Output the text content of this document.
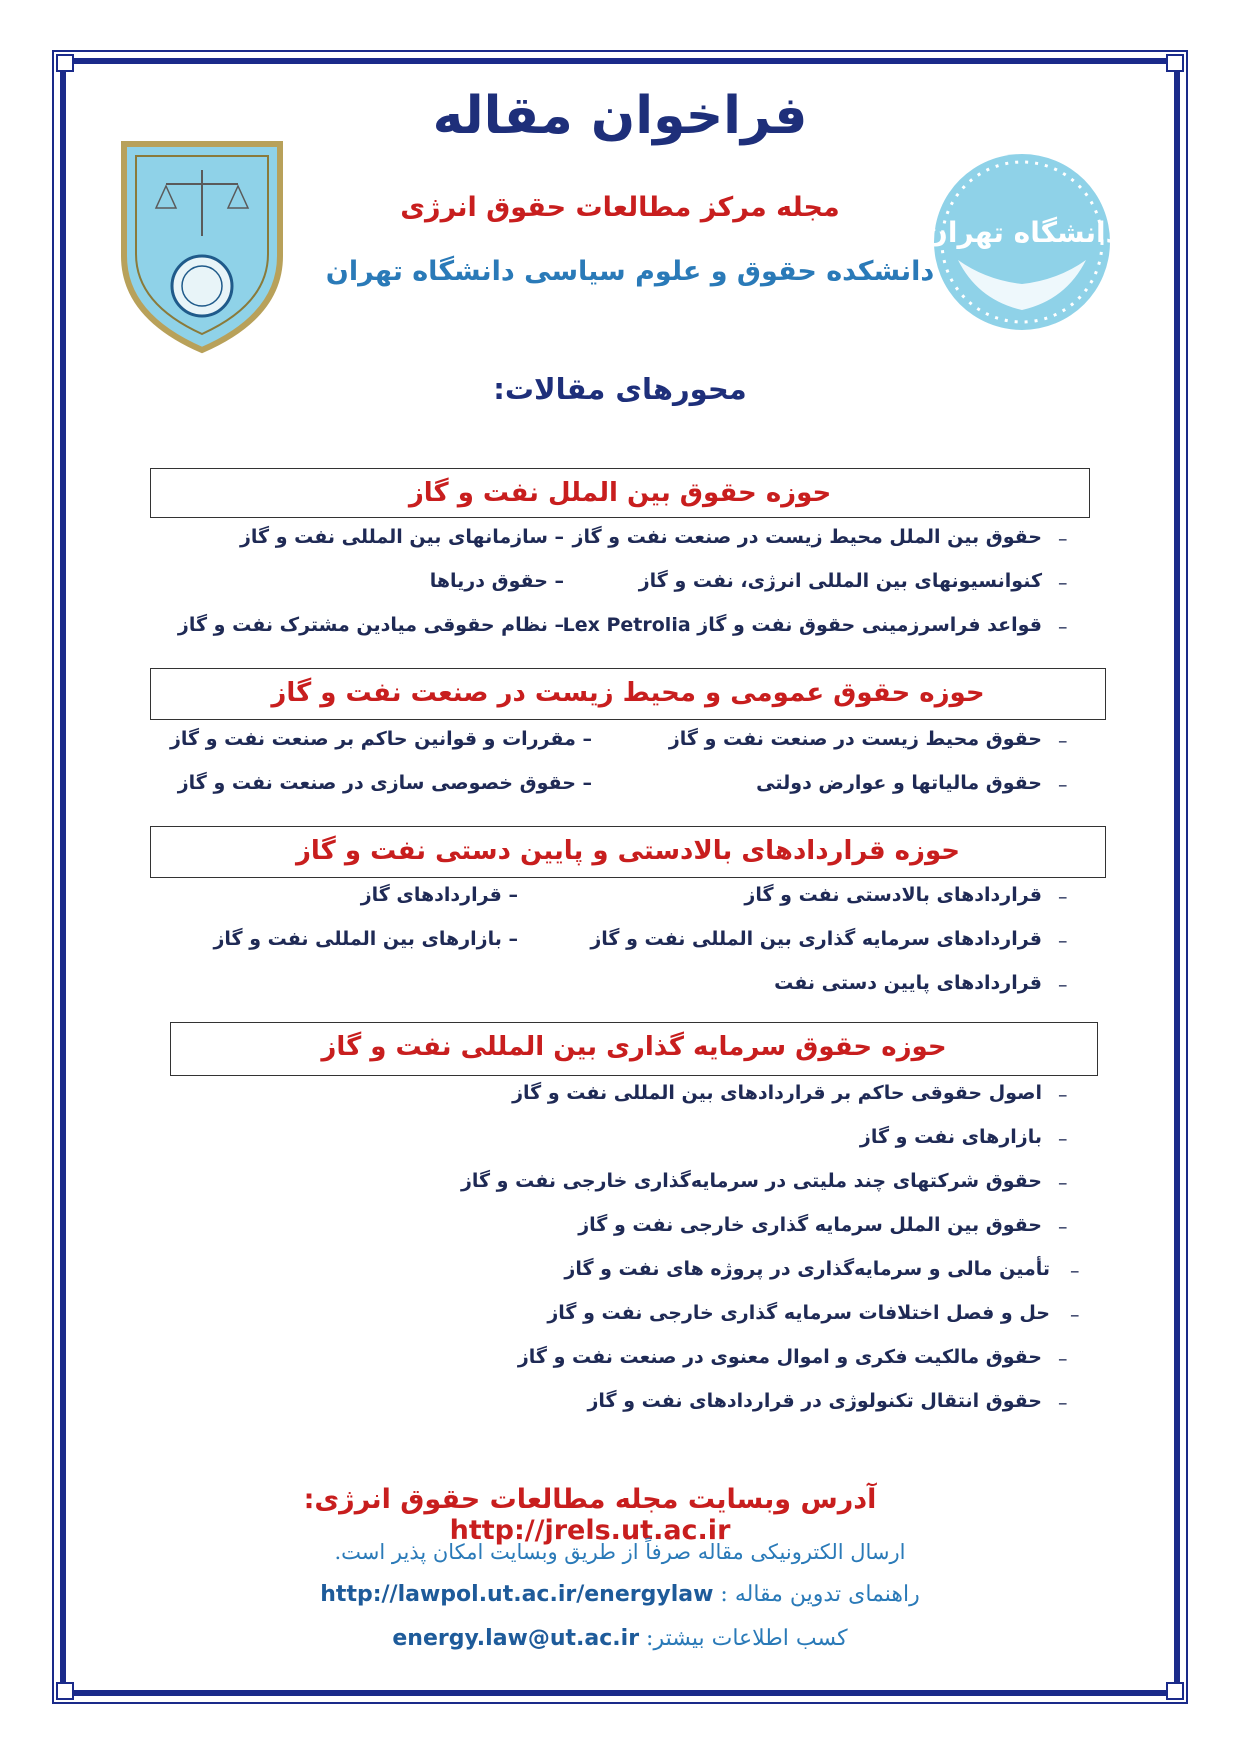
دانشگاه تهران
فراخوان مقاله
مجله مرکز مطالعات حقوق انرژی
دانشکده حقوق و علوم سیاسی دانشگاه تهران
محورهای مقالات:
حوزه حقوق بین الملل نفت و گاز
–
حقوق بین الملل محیط زیست در صنعت نفت و گاز
– سازمانهای بین المللی نفت و گاز
–
کنوانسیونهای بین المللی انرژی، نفت و گاز
– حقوق دریاها
–
قواعد فراسرزمینی حقوق نفت و گاز Lex Petrolia
– نظام حقوقی میادین مشترک نفت و گاز
حوزه حقوق عمومی و محیط زیست در صنعت نفت و گاز
–
حقوق محیط زیست در صنعت نفت و گاز
– مقررات و قوانین حاکم بر صنعت نفت و گاز
–
حقوق مالیاتها و عوارض دولتی
– حقوق خصوصی سازی در صنعت نفت و گاز
حوزه قراردادهای بالادستی و پایین دستی نفت و گاز
–
قراردادهای بالادستی نفت و گاز
– قراردادهای گاز
–
قراردادهای سرمایه گذاری بین المللی نفت و گاز
– بازارهای بین المللی نفت و گاز
–
قراردادهای پایین دستی نفت
حوزه حقوق سرمایه گذاری بین المللی نفت و گاز
–
اصول حقوقی حاکم بر قراردادهای بین المللی نفت و گاز
–
بازارهای نفت و گاز
–
حقوق شرکتهای چند ملیتی در سرمایه‌گذاری خارجی نفت و گاز
–
حقوق بین الملل سرمایه گذاری خارجی نفت و گاز
–
تأمین مالی و سرمایه‌گذاری در پروژه های نفت و گاز
–
حل و فصل اختلافات سرمایه گذاری خارجی نفت و گاز
–
حقوق مالکیت فکری و اموال معنوی در صنعت نفت و گاز
–
حقوق انتقال تکنولوژی در قراردادهای نفت و گاز
آدرس وبسایت مجله مطالعات حقوق انرژی: http://jrels.ut.ac.ir
ارسال الکترونیکی مقاله صرفاً از طریق وبسایت امکان پذیر است.
راهنمای تدوین مقاله : http://lawpol.ut.ac.ir/energylaw
کسب اطلاعات بیشتر: energy.law@ut.ac.ir
